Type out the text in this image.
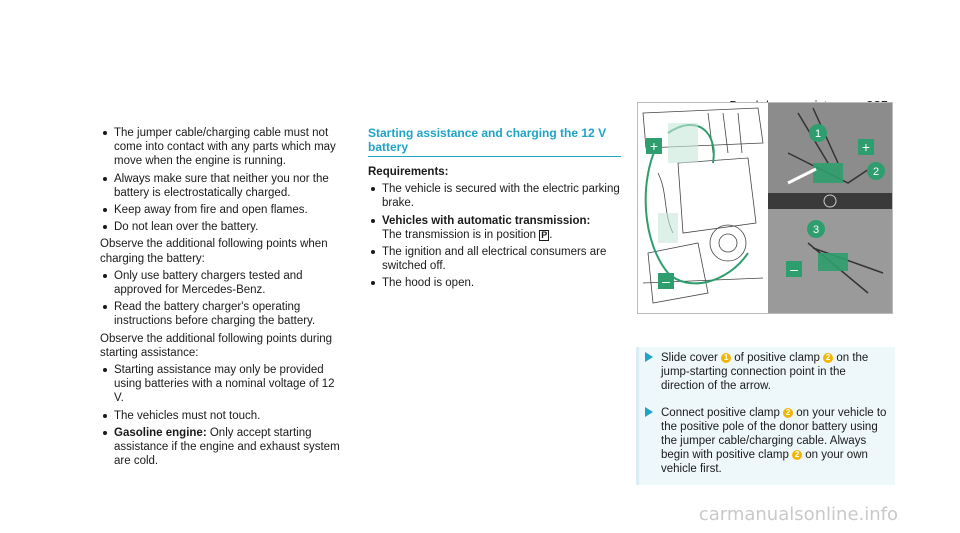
The jumper cable/charging cable must not come into contact with any parts which may move when the engine is running.
Always make sure that neither you nor the battery is electrostatically charged.
Keep away from fire and open flames.
Do not lean over the battery.

Observe the additional following points when charging the battery:

Only use battery chargers tested and approved for Mercedes-Benz.
Read the battery charger's operating instructions before charging the battery.

Observe the additional following points during starting assistance:

Starting assistance may only be provided using batteries with a nominal voltage of 12 V.
The vehicles must not touch.
Gasoline engine: Only accept starting assistance if the engine and exhaust system are cold.
Starting assistance and charging the 12 V battery

Requirements:

The vehicle is secured with the electric parking brake.
Vehicles with automatic transmission:
The transmission is in position P .
The ignition and all electrical consumers are switched off.
The hood is open.
+
–
1
+
2
3
–
Slide cover 1 of positive clamp 2 on the jump-starting connection point in the direction of the arrow.
Connect positive clamp 2 on your vehicle to the positive pole of the donor battery using the jumper cable/charging cable. Always begin with positive clamp 2 on your own vehicle first.
carmanualsonline.info
